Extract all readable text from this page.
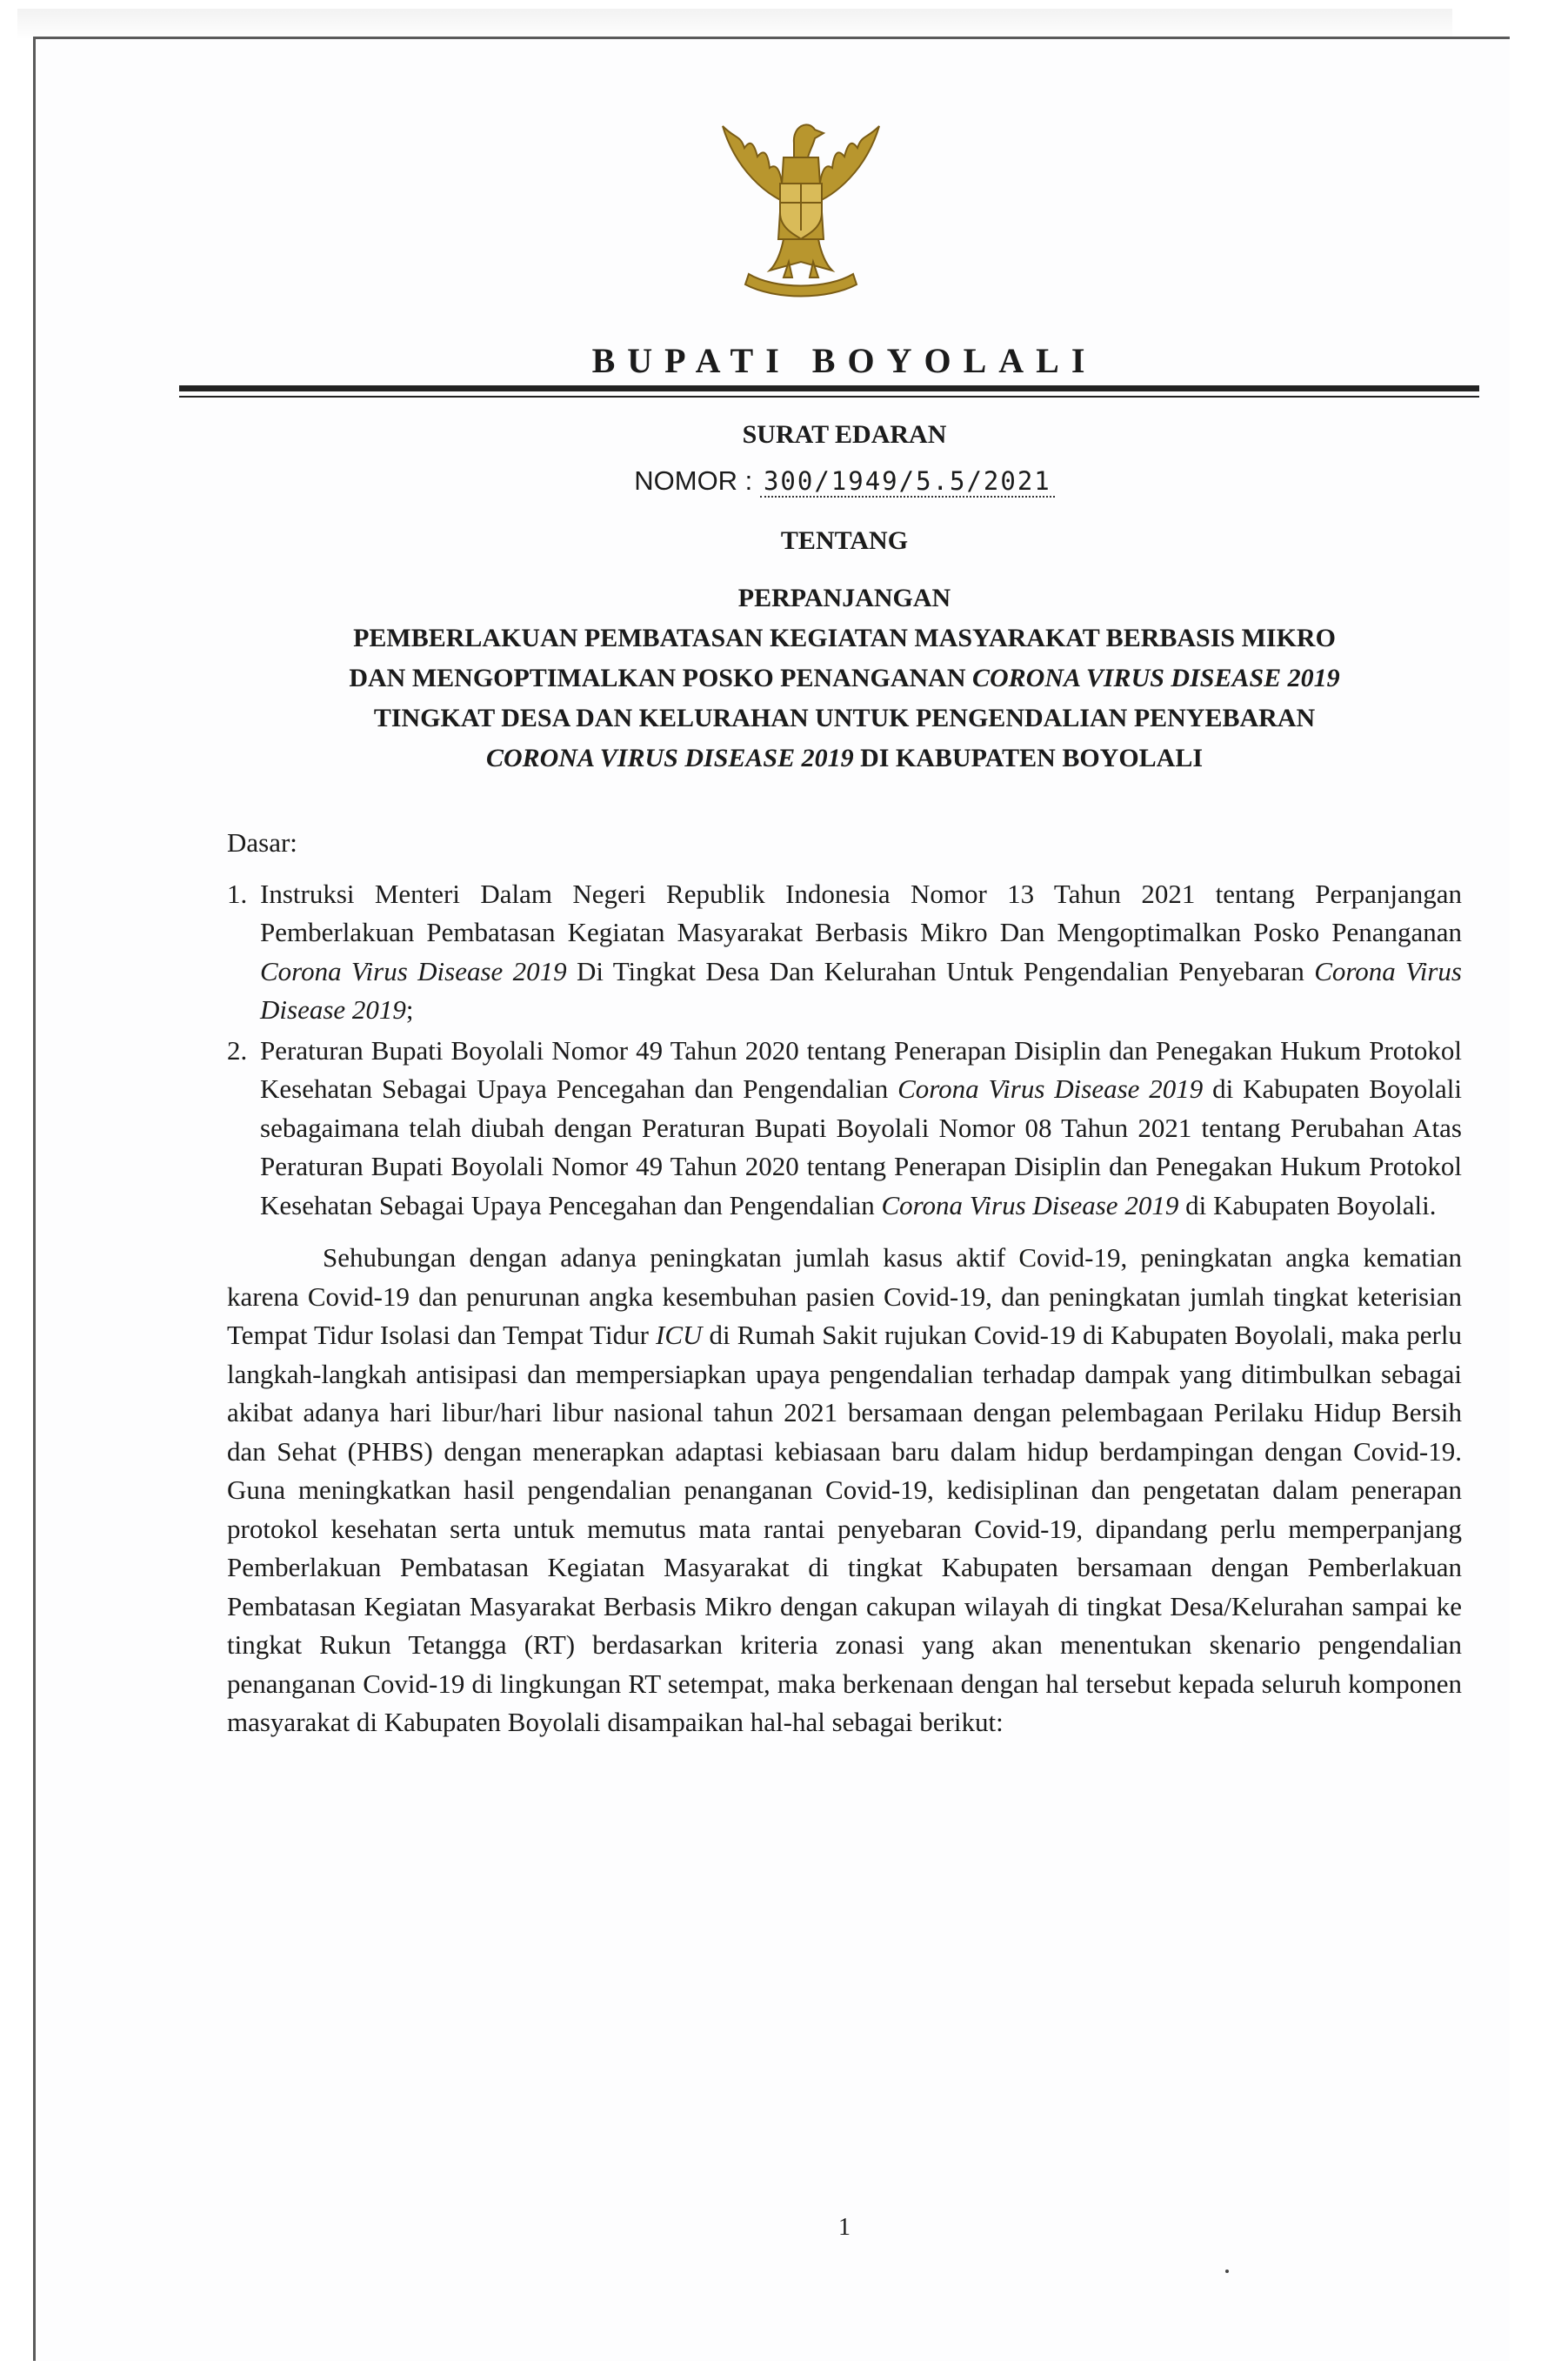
BUPATI BOYOLALI
SURAT EDARAN
NOMOR : 300/1949/5.5/2021
TENTANG
PERPANJANGAN
PEMBERLAKUAN PEMBATASAN KEGIATAN MASYARAKAT BERBASIS MIKRO
DAN MENGOPTIMALKAN POSKO PENANGANAN CORONA VIRUS DISEASE 2019
TINGKAT DESA DAN KELURAHAN UNTUK PENGENDALIAN PENYEBARAN
CORONA VIRUS DISEASE 2019 DI KABUPATEN BOYOLALI
Dasar:
1. Instruksi Menteri Dalam Negeri Republik Indonesia Nomor 13 Tahun 2021 tentang Perpanjangan Pemberlakuan Pembatasan Kegiatan Masyarakat Berbasis Mikro Dan Mengoptimalkan Posko Penanganan Corona Virus Disease 2019 Di Tingkat Desa Dan Kelurahan Untuk Pengendalian Penyebaran Corona Virus Disease 2019;
2. Peraturan Bupati Boyolali Nomor 49 Tahun 2020 tentang Penerapan Disiplin dan Penegakan Hukum Protokol Kesehatan Sebagai Upaya Pencegahan dan Pengendalian Corona Virus Disease 2019 di Kabupaten Boyolali sebagaimana telah diubah dengan Peraturan Bupati Boyolali Nomor 08 Tahun 2021 tentang Perubahan Atas Peraturan Bupati Boyolali Nomor 49 Tahun 2020 tentang Penerapan Disiplin dan Penegakan Hukum Protokol Kesehatan Sebagai Upaya Pencegahan dan Pengendalian Corona Virus Disease 2019 di Kabupaten Boyolali.
Sehubungan dengan adanya peningkatan jumlah kasus aktif Covid-19, peningkatan angka kematian karena Covid-19 dan penurunan angka kesembuhan pasien Covid-19, dan peningkatan jumlah tingkat keterisian Tempat Tidur Isolasi dan Tempat Tidur ICU di Rumah Sakit rujukan Covid-19 di Kabupaten Boyolali, maka perlu langkah-langkah antisipasi dan mempersiapkan upaya pengendalian terhadap dampak yang ditimbulkan sebagai akibat adanya hari libur/hari libur nasional tahun 2021 bersamaan dengan pelembagaan Perilaku Hidup Bersih dan Sehat (PHBS) dengan menerapkan adaptasi kebiasaan baru dalam hidup berdampingan dengan Covid-19. Guna meningkatkan hasil pengendalian penanganan Covid-19, kedisiplinan dan pengetatan dalam penerapan protokol kesehatan serta untuk memutus mata rantai penyebaran Covid-19, dipandang perlu memperpanjang Pemberlakuan Pembatasan Kegiatan Masyarakat di tingkat Kabupaten bersamaan dengan Pemberlakuan Pembatasan Kegiatan Masyarakat Berbasis Mikro dengan cakupan wilayah di tingkat Desa/Kelurahan sampai ke tingkat Rukun Tetangga (RT) berdasarkan kriteria zonasi yang akan menentukan skenario pengendalian penanganan Covid-19 di lingkungan RT setempat, maka berkenaan dengan hal tersebut kepada seluruh komponen masyarakat di Kabupaten Boyolali disampaikan hal-hal sebagai berikut:
1
